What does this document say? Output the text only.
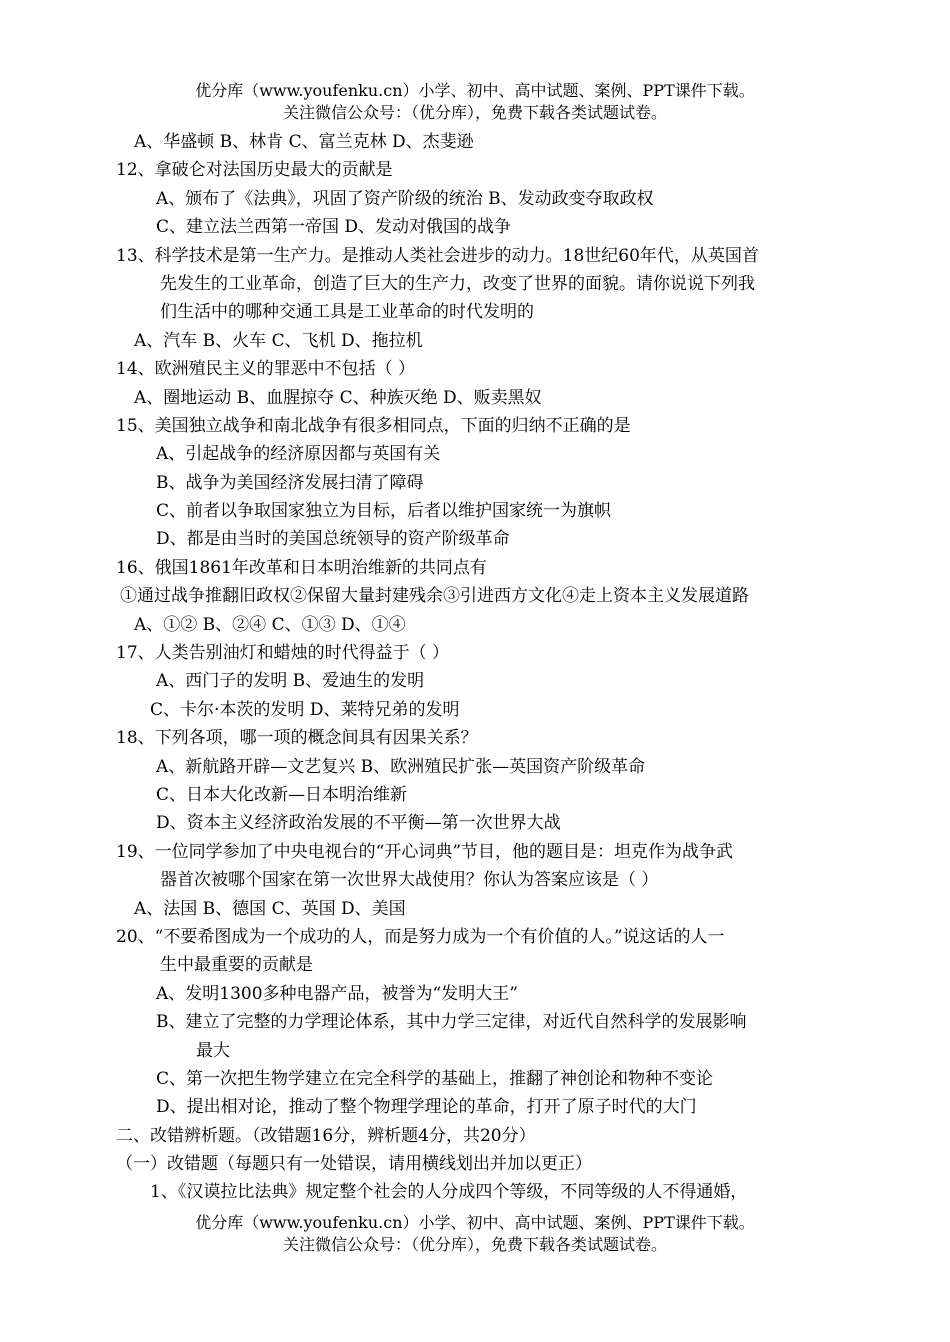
优分库（www.youfenku.cn）小学、初中、高中试题、案例、PPT课件下载。
关注微信公众号：（优分库），免费下载各类试题试卷。
A、华盛顿 B、林肯 C、富兰克林 D、杰斐逊
12、拿破仑对法国历史最大的贡献是
A、颁布了《法典》，巩固了资产阶级的统治 B、发动政变夺取政权
C、建立法兰西第一帝国 D、发动对俄国的战争
13、科学技术是第一生产力。是推动人类社会进步的动力。18世纪60年代，从英国首
先发生的工业革命，创造了巨大的生产力，改变了世界的面貌。请你说说下列我
们生活中的哪种交通工具是工业革命的时代发明的
A、汽车 B、火车 C、飞机 D、拖拉机
14、欧洲殖民主义的罪恶中不包括（ ）
A、圈地运动 B、血腥掠夺 C、种族灭绝 D、贩卖黑奴
15、美国独立战争和南北战争有很多相同点，下面的归纳不正确的是
A、引起战争的经济原因都与英国有关
B、战争为美国经济发展扫清了障碍
C、前者以争取国家独立为目标，后者以维护国家统一为旗帜
D、都是由当时的美国总统领导的资产阶级革命
16、俄国1861年改革和日本明治维新的共同点有
①通过战争推翻旧政权②保留大量封建残余③引进西方文化④走上资本主义发展道路
A、①② B、②④ C、①③ D、①④
17、人类告别油灯和蜡烛的时代得益于（ ）
A、西门子的发明 B、爱迪生的发明
C、卡尔·本茨的发明 D、莱特兄弟的发明
18、下列各项，哪一项的概念间具有因果关系？
A、新航路开辟—文艺复兴 B、欧洲殖民扩张—英国资产阶级革命
C、日本大化改新—日本明治维新
D、资本主义经济政治发展的不平衡—第一次世界大战
19、一位同学参加了中央电视台的“开心词典”节目，他的题目是：坦克作为战争武
器首次被哪个国家在第一次世界大战使用？你认为答案应该是（ ）
A、法国 B、德国 C、英国 D、美国
20、“不要希图成为一个成功的人，而是努力成为一个有价值的人。”说这话的人一
生中最重要的贡献是
A、发明1300多种电器产品，被誉为“发明大王”
B、建立了完整的力学理论体系，其中力学三定律，对近代自然科学的发展影响
最大
C、第一次把生物学建立在完全科学的基础上，推翻了神创论和物种不变论
D、提出相对论，推动了整个物理学理论的革命，打开了原子时代的大门
二、改错辨析题。（改错题16分，辨析题4分，共20分）
（一）改错题（每题只有一处错误，请用横线划出并加以更正）
1、《汉谟拉比法典》规定整个社会的人分成四个等级，不同等级的人不得通婚，
优分库（www.youfenku.cn）小学、初中、高中试题、案例、PPT课件下载。
关注微信公众号：（优分库），免费下载各类试题试卷。
